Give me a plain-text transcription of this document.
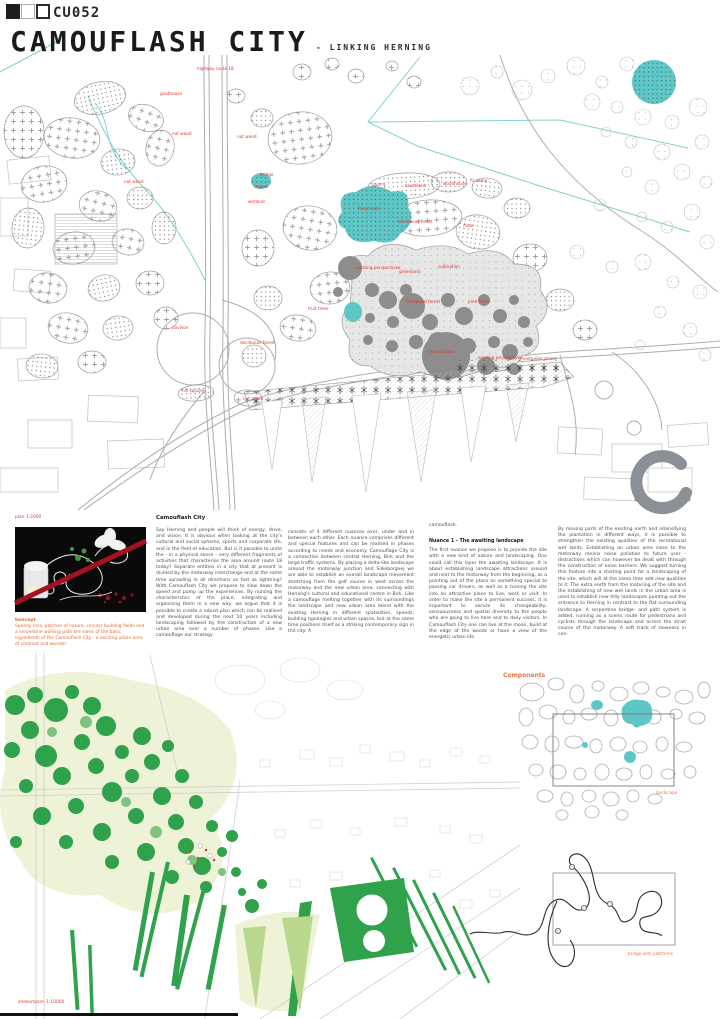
CU052
CAMOUFLASH CITY - LINKING HERNING
highway route 18
goathouse
nut wood
nut wood
nut wood
bridge
lagoon
wetland
quarry	heathland	woodhouse
fir camp
forest lake
deciduous forest
moor
existing perspectives
greenland
cultivation
hardwood forest	pine forest
pavilion
deciduous forest
fruit trees
marketplace
existing perspectives
montpelier street
hill square
nut grove
plan 1:2000
koncept
Speedy cars, patches of nature, circular building fields and a serpentine walking path are some of the basic ingredients of the Camouflash City - a exciting urban area of contrast and wonder.
Camouflash City
Say Herning and people will think of energy, drive, and vision. It is obvious when looking at the city's cultural and social spheres, sports and corporate life, and in the field of education. But is it possible to unite the - in a physical sense - very different fragments of activities that characterise the area around route 18 today? Separate entities in a city that at present is divided by the motorway interchange and at the same time sprawling in all directions as fast as lightning? With Camouflash City we propose to slow down the speed and pump up the experiences. By nursing the characteristics of the place, integrating and organising them in a new way, we argue that it is possible to create a robust plan which can be realised and developed during the next 10 years including landscaping followed by the construction of a new urban area over a number of phases. Like a camouflage our strategy
consists of 4 different nuances over, under and in between each other. Each nuance comprises different and special features and can be realised in phases according to needs and economy. Camouflage City is a connection between central Herning, Birk and the large traffic systems. By placing a delta-like landscape around the motorway junction and Silkeborgvej we are able to establish an overall landscape movement stretching from the golf course in west across the motorway and the new urban area, connecting with Herning's cultural and educational centre in Birk. Like a camouflage melting together with its surroundings the landscape and new urban area blend with the existing Herning in different spatialities, speeds, building typologies and urban spaces, but at the same time positions itself as a striking contemporary sign in the city: A
camouflash.
Nuance 1 - The awaiting landscape
The first nuance we propose is to provide the site with a new kind of nature and landscaping. One could call this layer the awaiting landscape. It is about establishing landscape attractions around and next to the motorway from the beginning, as a pointing out of the place as something special to passing car drivers, as well as a turning the site into an attractive place to live, work or visit. In order to make the site a permanent success, it is important to secure its changeability, sensuousness and spatial diversity to the people who are going to live here and to daily visitors. In Camouflash City one can live at the moon, build at the edge of the woods or have a view of the energetic urban life.
By moving parts of the existing earth and intensifying the plantation in different ways, it is possible to strengthen the existing qualities of the recreational wet lands. Establishing an urban area close to the motorway means noise pollution to future user - distractions which can however be dealt with through the construction of noise barriers. We suggest turning this feature into a starting point for a landscaping of the site, which will at the same time add new qualities to it. The extra earth from the maturing of the site and the establishing of new wet lands in the urban area is used to establish new hilly landscapes pointing out the entrance to Herning in contrast to the flat surrounding landscape. A serpentine bridge- and path system is added, running as a scenic route for pedestrians and cyclists through the landscape and across the strait course of the motorway. A soft track of slowness in con-
sitekomplan 1:10000
Components
landscape
bridge with platforms
